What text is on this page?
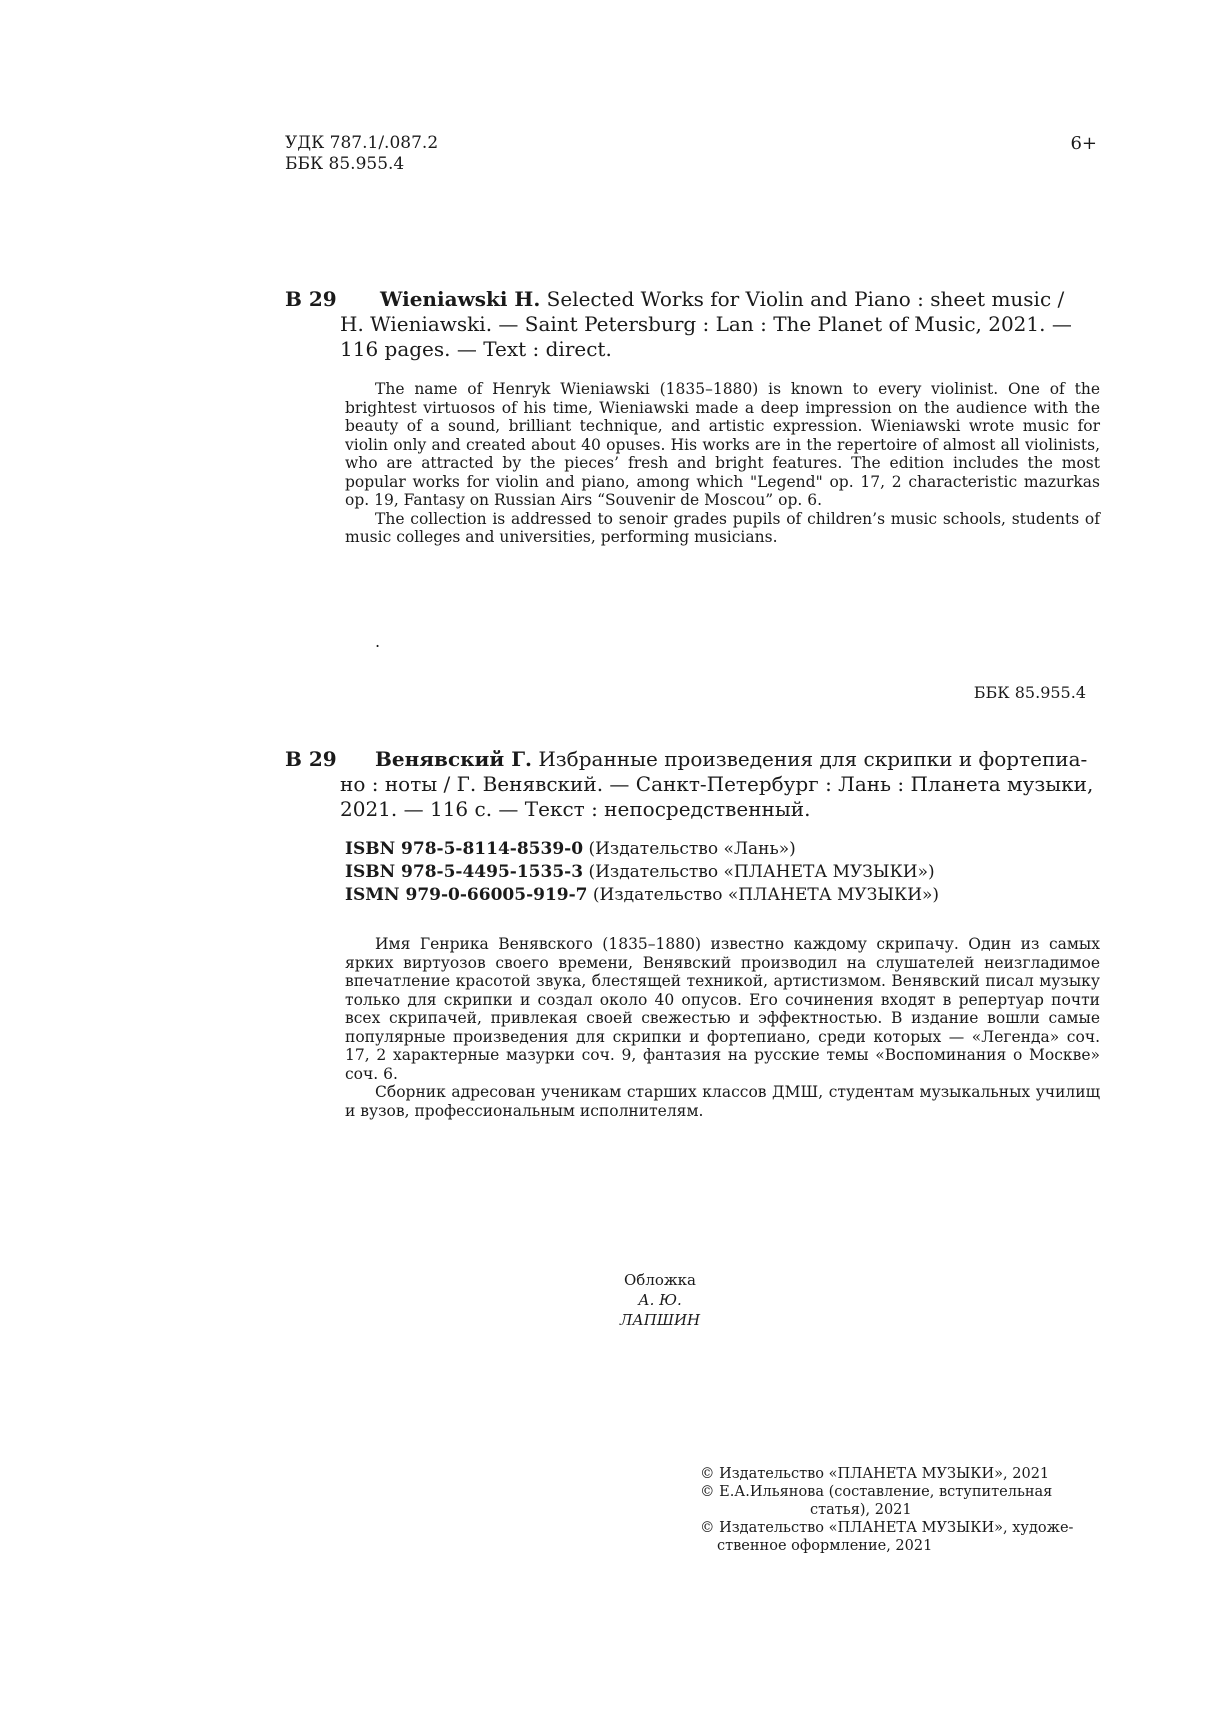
УДК 787.1/.087.2
ББК 85.955.4
6+
В 29	Wieniawski H. Selected Works for Violin and Piano : sheet music /

H. Wieniawski. — Saint Petersburg : Lan : The Planet of Music, 2021. —

116 pages. — Text : direct.

The name of Henryk Wieniawski (1835–1880) is known to every violinist. One of the brightest virtuosos of his time, Wieniawski made a deep impression on the audience with the beauty of a sound, brilliant technique, and artistic expression. Wieniawski wrote music for violin only and created about 40 opuses. His works are in the repertoire of almost all violinists, who are attracted by the pieces’ fresh and bright features. The edition includes the most popular works for violin and piano, among which "Legend" op. 17, 2 characteristic mazurkas op. 19, Fantasy on Russian Airs “Souvenir de Moscou” op. 6.

The collection is addressed to senoir grades pupils of children’s music schools, students of music colleges and universities, performing musicians.

.
ББК 85.955.4
В 29	Венявский Г. Избранные произведения для скрипки и фортепиа-

но : ноты / Г. Венявский. — Санкт-Петербург : Лань : Планета музыки,

2021. — 116 с. — Текст : непосредственный.

ISBN 978-5-8114-8539-0 (Издательство «Лань»)
ISBN 978-5-4495-1535-3 (Издательство «ПЛАНЕТА МУЗЫКИ»)
ISMN 979-0-66005-919-7 (Издательство «ПЛАНЕТА МУЗЫКИ»)

Имя Генрика Венявского (1835–1880) известно каждому скрипачу. Один из самых ярких виртуозов своего времени, Венявский производил на слушателей неизгладимое впечатление красотой звука, блестящей техникой, артистизмом. Венявский писал музыку только для скрипки и создал около 40 опусов. Его сочинения входят в репертуар почти всех скрипачей, привлекая своей свежестью и эффектностью. В издание вошли самые популярные произведения для скрипки и фортепиано, среди которых — «Легенда» соч. 17, 2 характерные мазурки соч. 9, фантазия на русские темы «Воспоминания о Москве» соч. 6.

Сборник адресован ученикам старших классов ДМШ, студентам музыкальных училищ и вузов, профессиональным исполнителям.

Обложка
А. Ю. ЛАПШИН
© Издательство «ПЛАНЕТА МУЗЫКИ», 2021
© Е.А.Ильянова (составление, вступительная
статья), 2021
© Издательство «ПЛАНЕТА МУЗЫКИ», художе-
ственное оформление, 2021
